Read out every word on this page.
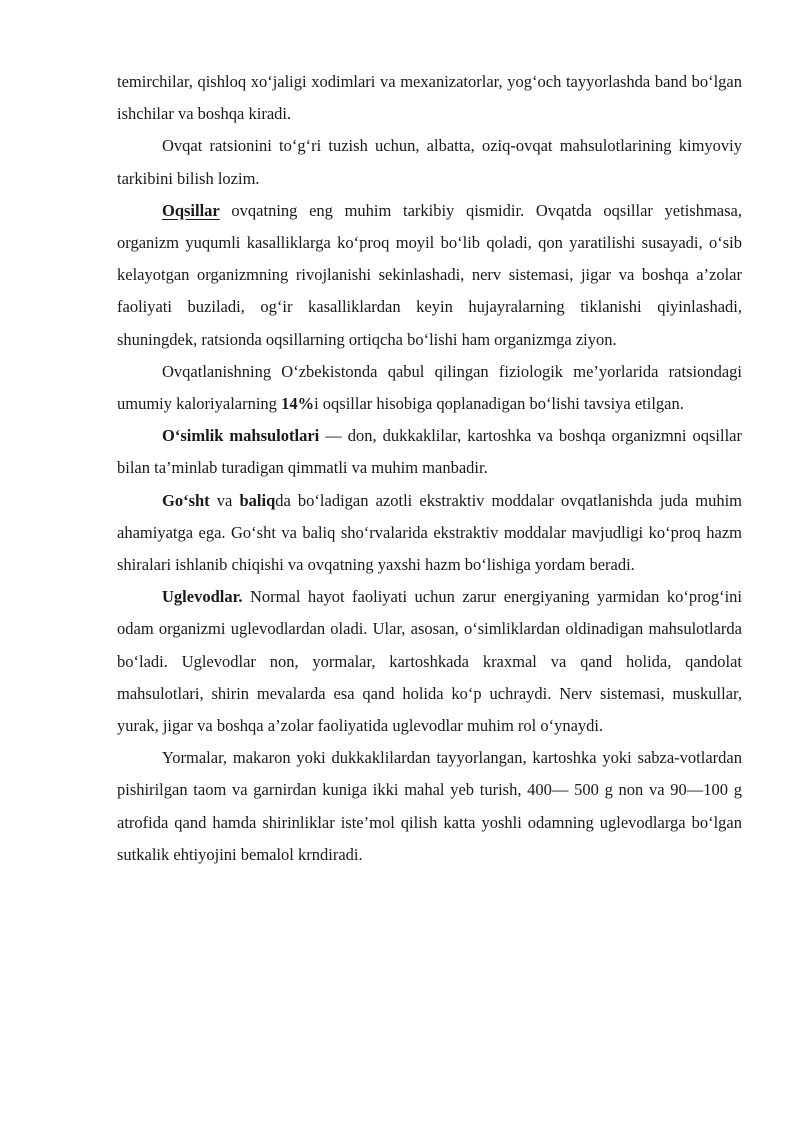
temirchilar, qishloq xo‘jaligi xodimlari va mexanizatorlar, yog‘och tayyorlashda band bo‘lgan ishchilar va boshqa kiradi.

Ovqat ratsionini to‘g‘ri tuzish uchun, albatta, oziq-ovqat mahsulotlarining kimyoviy tarkibini bilish lozim.

Oqsillar ovqatning eng muhim tarkibiy qismidir. Ovqatda oqsillar yetishmasa, organizm yuqumli kasalliklarga ko‘proq moyil bo‘lib qoladi, qon yaratilishi susayadi, o‘sib kelayotgan organizmning rivojlanishi sekinlashadi, nerv sistemasi, jigar va boshqa a’zolar faoliyati buziladi, og‘ir kasalliklardan keyin hujayralarning tiklanishi qiyinlashadi, shuningdek, ratsionda oqsillarning ortiqcha bo‘lishi ham organizmga ziyon.

Ovqatlanishning O‘zbekistonda qabul qilingan fiziologik me’yorlarida ratsiondagi umumiy kaloriyalarning 14%i oqsillar hisobiga qoplanadigan bo‘lishi tavsiya etilgan.

O‘simlik mahsulotlari — don, dukkaklilar, kartoshka va boshqa organizmni oqsillar bilan ta’minlab turadigan qimmatli va muhim manbadir.

Go‘sht va baliqda bo‘ladigan azotli ekstraktiv moddalar ovqatlanishda juda muhim ahamiyatga ega. Go‘sht va baliq sho‘rvalarida ekstraktiv moddalar mavjudligi ko‘proq hazm shiralari ishlanib chiqishi va ovqatning yaxshi hazm bo‘lishiga yordam beradi.

Uglevodlar. Normal hayot faoliyati uchun zarur energiyaning yarmidan ko‘prog‘ini odam organizmi uglevodlardan oladi. Ular, asosan, o‘simliklardan oldinadigan mahsulotlarda bo‘ladi. Uglevodlar non, yormalar, kartoshkada kraxmal va qand holida, qandolat mahsulotlari, shirin mevalarda esa qand holida ko‘p uchraydi. Nerv sistemasi, muskullar, yurak, jigar va boshqa a’zolar faoliyatida uglevodlar muhim rol o‘ynaydi.

Yormalar, makaron yoki dukkaklilardan tayyorlangan, kartoshka yoki sabza-votlardan pishirilgan taom va garnirdan kuniga ikki mahal yeb turish, 400— 500 g non va 90—100 g atrofida qand hamda shirinliklar iste’mol qilish katta yoshli odamning uglevodlarga bo‘lgan sutkalik ehtiyojini bemalol krndiradi.
